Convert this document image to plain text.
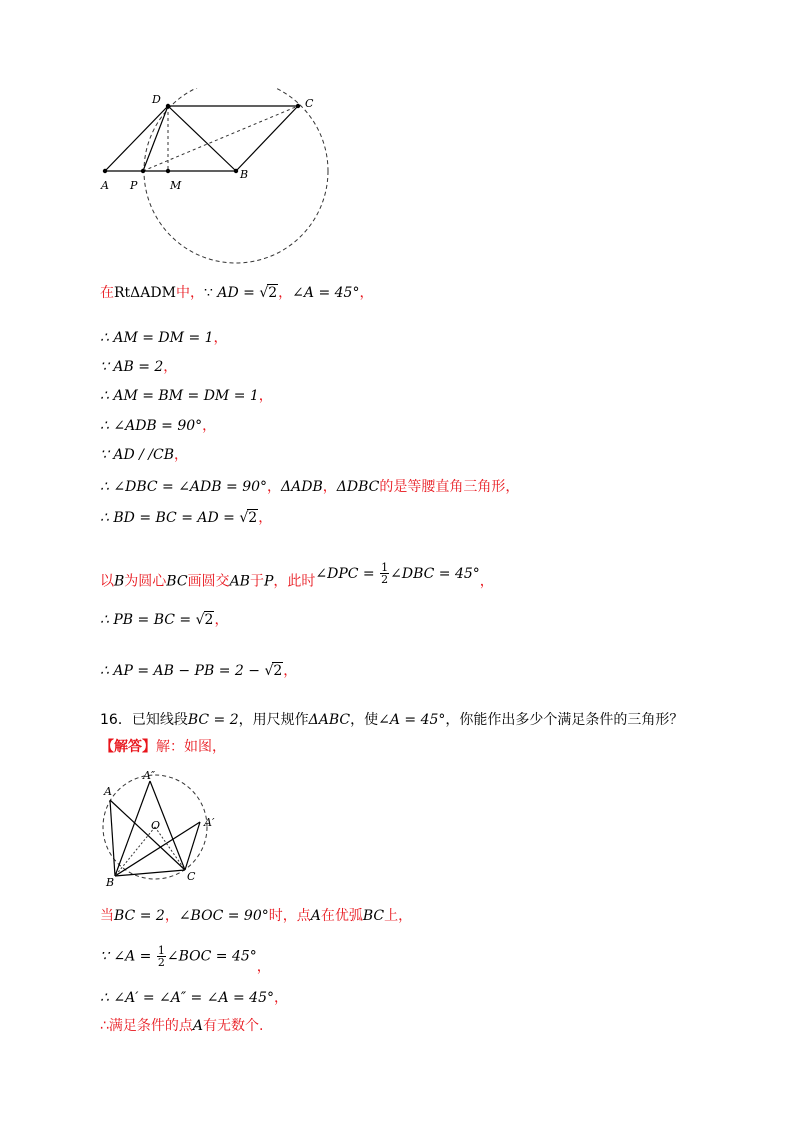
D	C
A P	M
B
在RtΔADM中，∵ AD = √2，∠A = 45°，
∴ AM = DM = 1，
∵ AB = 2，
∴ AM = BM = DM = 1，
∴ ∠ADB = 90°，
∵ AD / /CB，
∴ ∠DBC = ∠ADB = 90°，ΔADB，ΔDBC的是等腰直角三角形，
∴ BD = BC = AD = √2，
以B为圆心BC画圆交AB于P，此时∠DPC = $\frac{1}{2}$ ∠DBC = 45°，
∴ PB = BC = √2，
∴ AP = AB − PB = 2 − √2，
16．已知线段BC = 2，用尺规作ΔABC，使∠A = 45°，你能作出多少个满足条件的三角形？
【解答】解：如图，
A
A″
A′
O
B	C
当BC = 2，∠BOC = 90°时，点A在优弧BC上，
∵ ∠A = $\frac{1}{2}$ ∠BOC = 45°，
∴ ∠A′ = ∠A″ = ∠A = 45°，
∴满足条件的点A有无数个.
